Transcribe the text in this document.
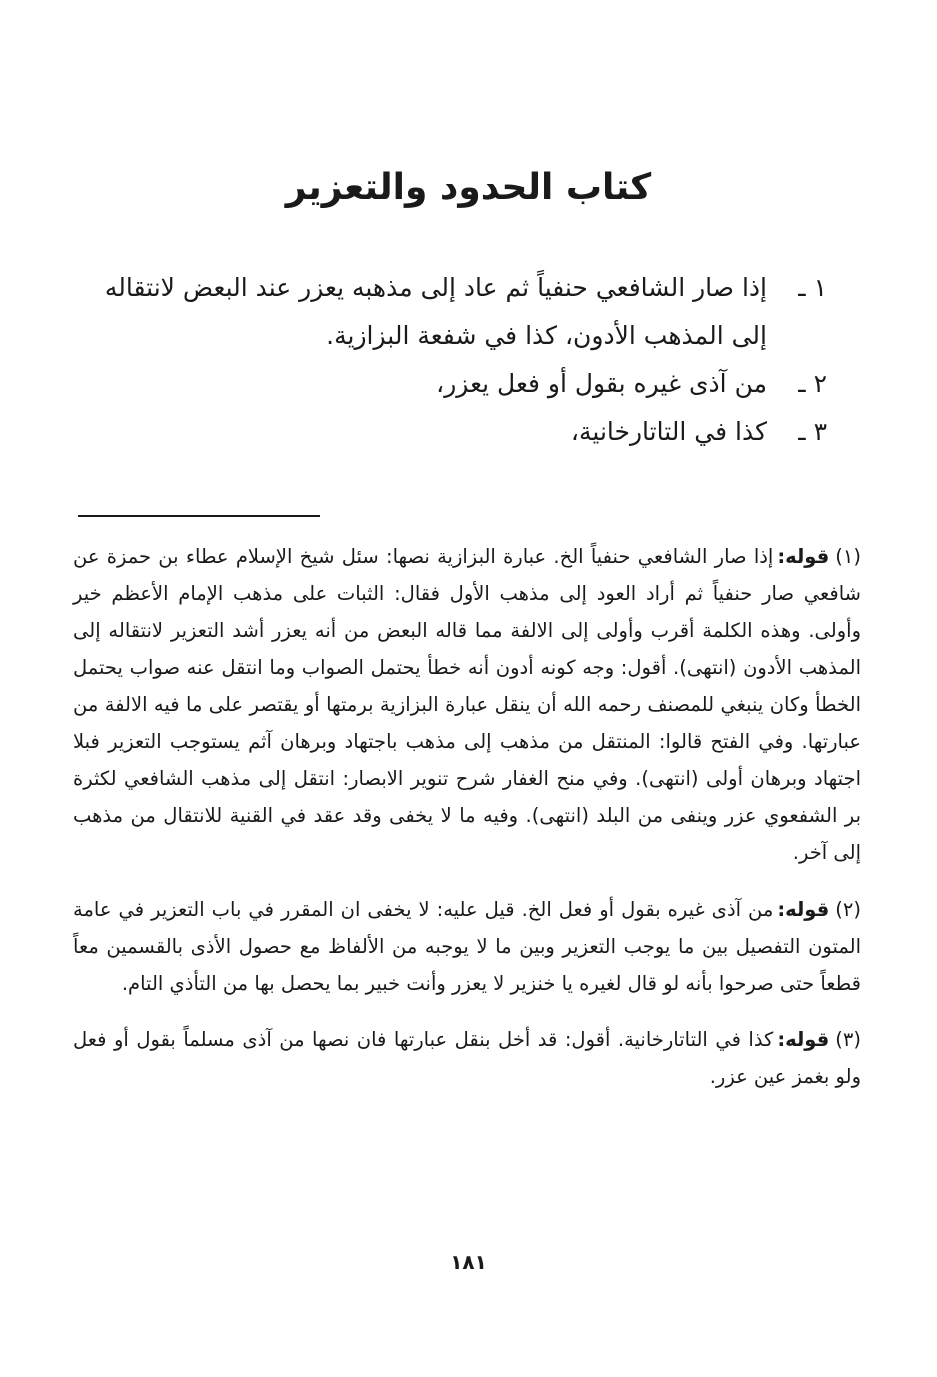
كتاب الحدود والتعزير
١ ـ
إذا صار الشافعي حنفياً ثم عاد إلى مذهبه يعزر عند البعض لانتقاله إلى المذهب الأدون، كذا في شفعة البزازية.
٢ ـ
من آذى غيره بقول أو فعل يعزر،
٣ ـ
كذا في التاتارخانية،

(١)قوله:إذا صار الشافعي حنفياً الخ. عبارة البزازية نصها: سئل شيخ الإسلام عطاء بن حمزة عن شافعي صار حنفياً ثم أراد العود إلى مذهب الأول فقال: الثبات على مذهب الإمام الأعظم خير وأولى. وهذه الكلمة أقرب وأولى إلى الالفة مما قاله البعض من أنه يعزر أشد التعزير لانتقاله إلى المذهب الأدون (انتهى). أقول: وجه كونه أدون أنه خطأ يحتمل الصواب وما انتقل عنه صواب يحتمل الخطأ وكان ينبغي للمصنف رحمه الله أن ينقل عبارة البزازية برمتها أو يقتصر على ما فيه الالفة من عبارتها. وفي الفتح قالوا: المنتقل من مذهب إلى مذهب باجتهاد وبرهان آثم يستوجب التعزير فبلا اجتهاد وبرهان أولى (انتهى). وفي منح الغفار شرح تنوير الابصار: انتقل إلى مذهب الشافعي لكثرة بر الشفعوي عزر وينفى من البلد (انتهى). وفيه ما لا يخفى وقد عقد في القنية للانتقال من مذهب إلى آخر.

(٢)قوله:من آذى غيره بقول أو فعل الخ. قيل عليه: لا يخفى ان المقرر في باب التعزير في عامة المتون التفصيل بين ما يوجب التعزير وبين ما لا يوجبه من الألفاظ مع حصول الأذى بالقسمين معاً قطعاً حتى صرحوا بأنه لو قال لغيره يا خنزير لا يعزر وأنت خبير بما يحصل بها من التأذي التام.

(٣)قوله:كذا في التاتارخانية. أقول: قد أخل بنقل عبارتها فان نصها من آذى مسلماً بقول أو فعل ولو بغمز عين عزر.

١٨١
